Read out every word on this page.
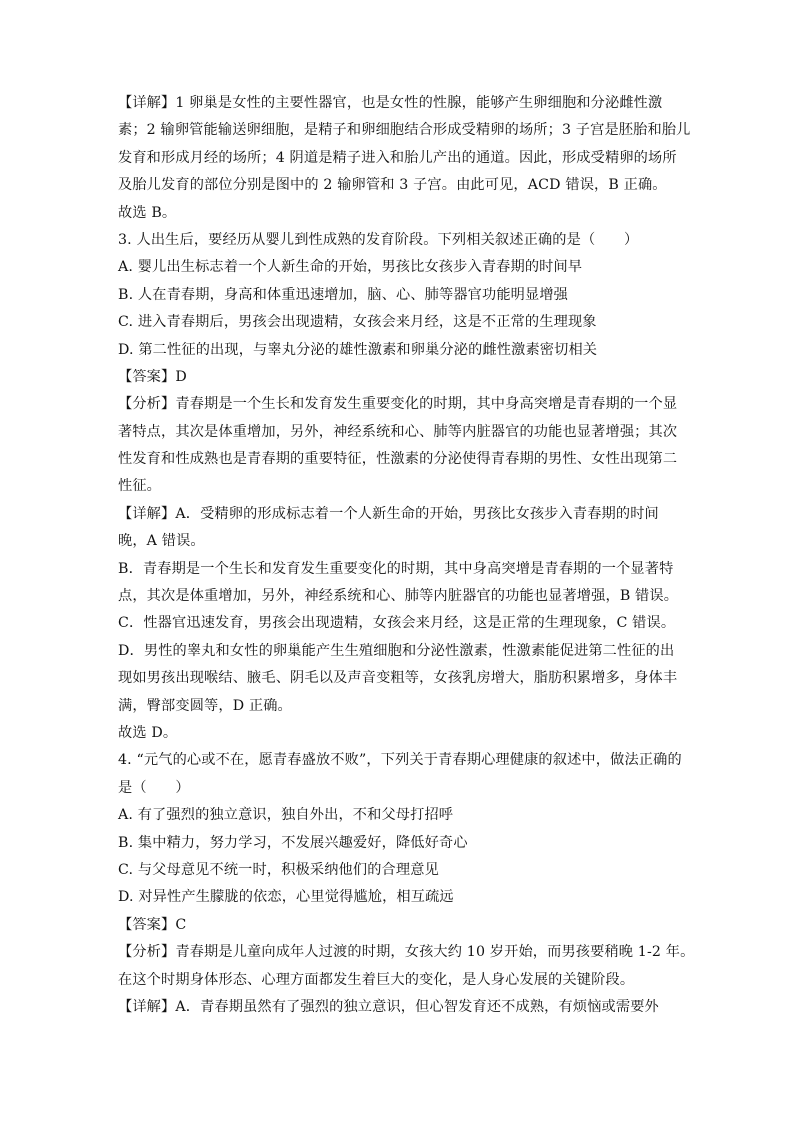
【详解】1 卵巢是女性的主要性器官，也是女性的性腺，能够产生卵细胞和分泌雌性激
素；2 输卵管能输送卵细胞，是精子和卵细胞结合形成受精卵的场所；3 子宫是胚胎和胎儿
发育和形成月经的场所；4 阴道是精子进入和胎儿产出的通道。因此，形成受精卵的场所
及胎儿发育的部位分别是图中的 2 输卵管和 3 子宫。由此可见，ACD 错误，B 正确。
故选 B。
3. 人出生后，要经历从婴儿到性成熟的发育阶段。下列相关叙述正确的是（　　）
A. 婴儿出生标志着一个人新生命的开始，男孩比女孩步入青春期的时间早
B. 人在青春期，身高和体重迅速增加，脑、心、肺等器官功能明显增强
C. 进入青春期后，男孩会出现遗精，女孩会来月经，这是不正常的生理现象
D. 第二性征的出现，与睾丸分泌的雄性激素和卵巢分泌的雌性激素密切相关
【答案】D
【分析】青春期是一个生长和发育发生重要变化的时期，其中身高突增是青春期的一个显
著特点，其次是体重增加，另外，神经系统和心、肺等内脏器官的功能也显著增强；其次
性发育和性成熟也是青春期的重要特征，性激素的分泌使得青春期的男性、女性出现第二
性征。
【详解】A．受精卵的形成标志着一个人新生命的开始，男孩比女孩步入青春期的时间
晚，A 错误。
B．青春期是一个生长和发育发生重要变化的时期，其中身高突增是青春期的一个显著特
点，其次是体重增加，另外，神经系统和心、肺等内脏器官的功能也显著增强，B 错误。
C．性器官迅速发育，男孩会出现遗精，女孩会来月经，这是正常的生理现象，C 错误。
D．男性的睾丸和女性的卵巢能产生生殖细胞和分泌性激素，性激素能促进第二性征的出
现如男孩出现喉结、腋毛、阴毛以及声音变粗等，女孩乳房增大，脂肪积累增多，身体丰
满，臀部变圆等，D 正确。
故选 D。
4. “元气的心或不在，愿青春盛放不败”，下列关于青春期心理健康的叙述中，做法正确的
是（　　）
A. 有了强烈的独立意识，独自外出，不和父母打招呼
B. 集中精力，努力学习，不发展兴趣爱好，降低好奇心
C. 与父母意见不统一时，积极采纳他们的合理意见
D. 对异性产生朦胧的依恋，心里觉得尴尬，相互疏远
【答案】C
【分析】青春期是儿童向成年人过渡的时期，女孩大约 10 岁开始，而男孩要稍晚 1-2 年。
在这个时期身体形态、心理方面都发生着巨大的变化，是人身心发展的关键阶段。
【详解】A．青春期虽然有了强烈的独立意识，但心智发育还不成熟，有烦恼或需要外
